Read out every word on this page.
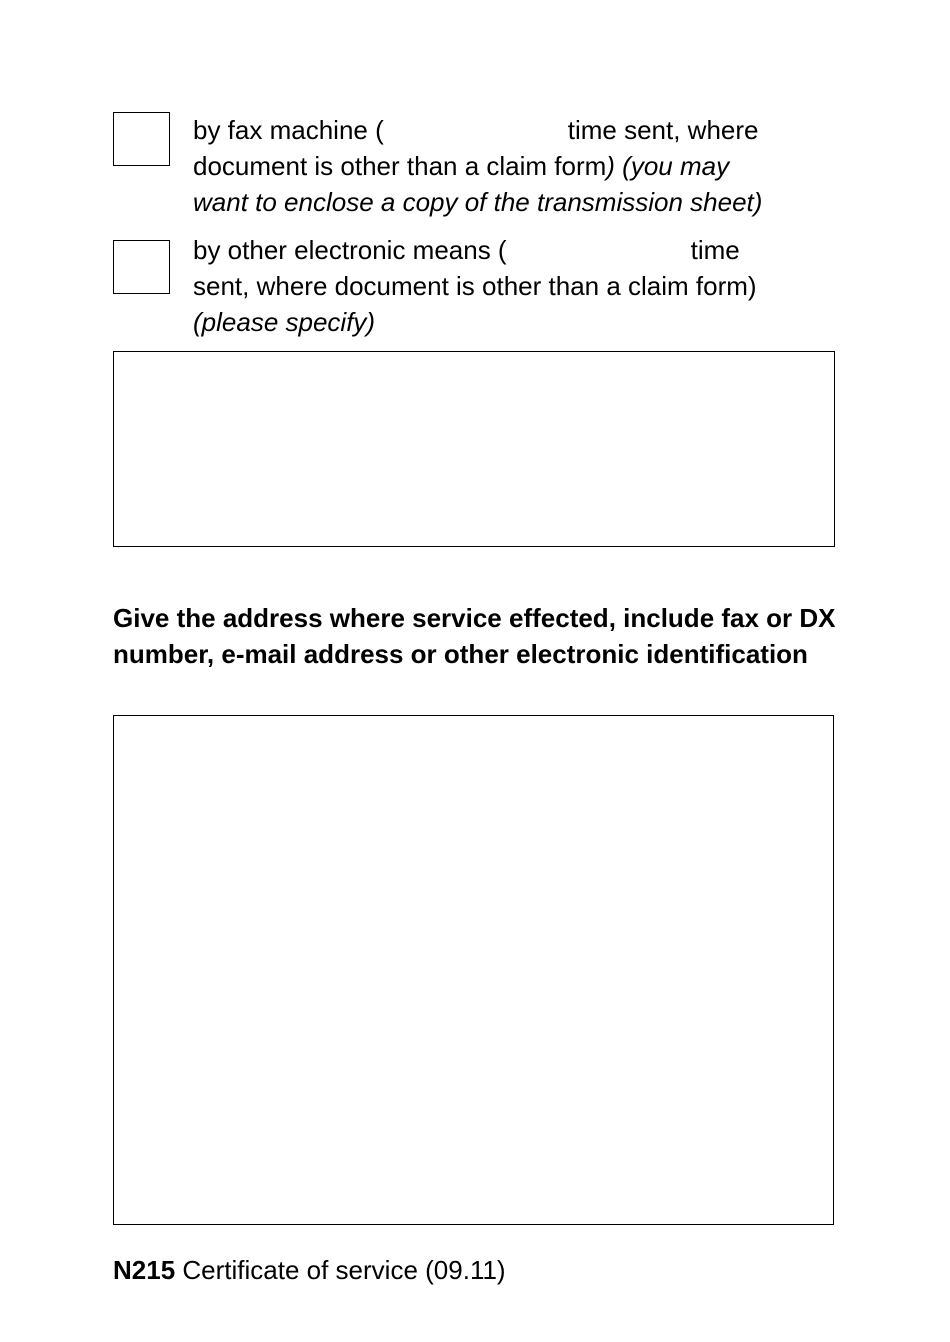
by fax machine (	time sent, where
document is other than a claim form) (you may
want to enclose a copy of the transmission sheet)
by other electronic means (	time
sent, where document is other than a claim form)
(please specify)
Give the address where service effected, include fax or DX number, e-mail address or other electronic identification
N215 Certificate of service (09.11)
